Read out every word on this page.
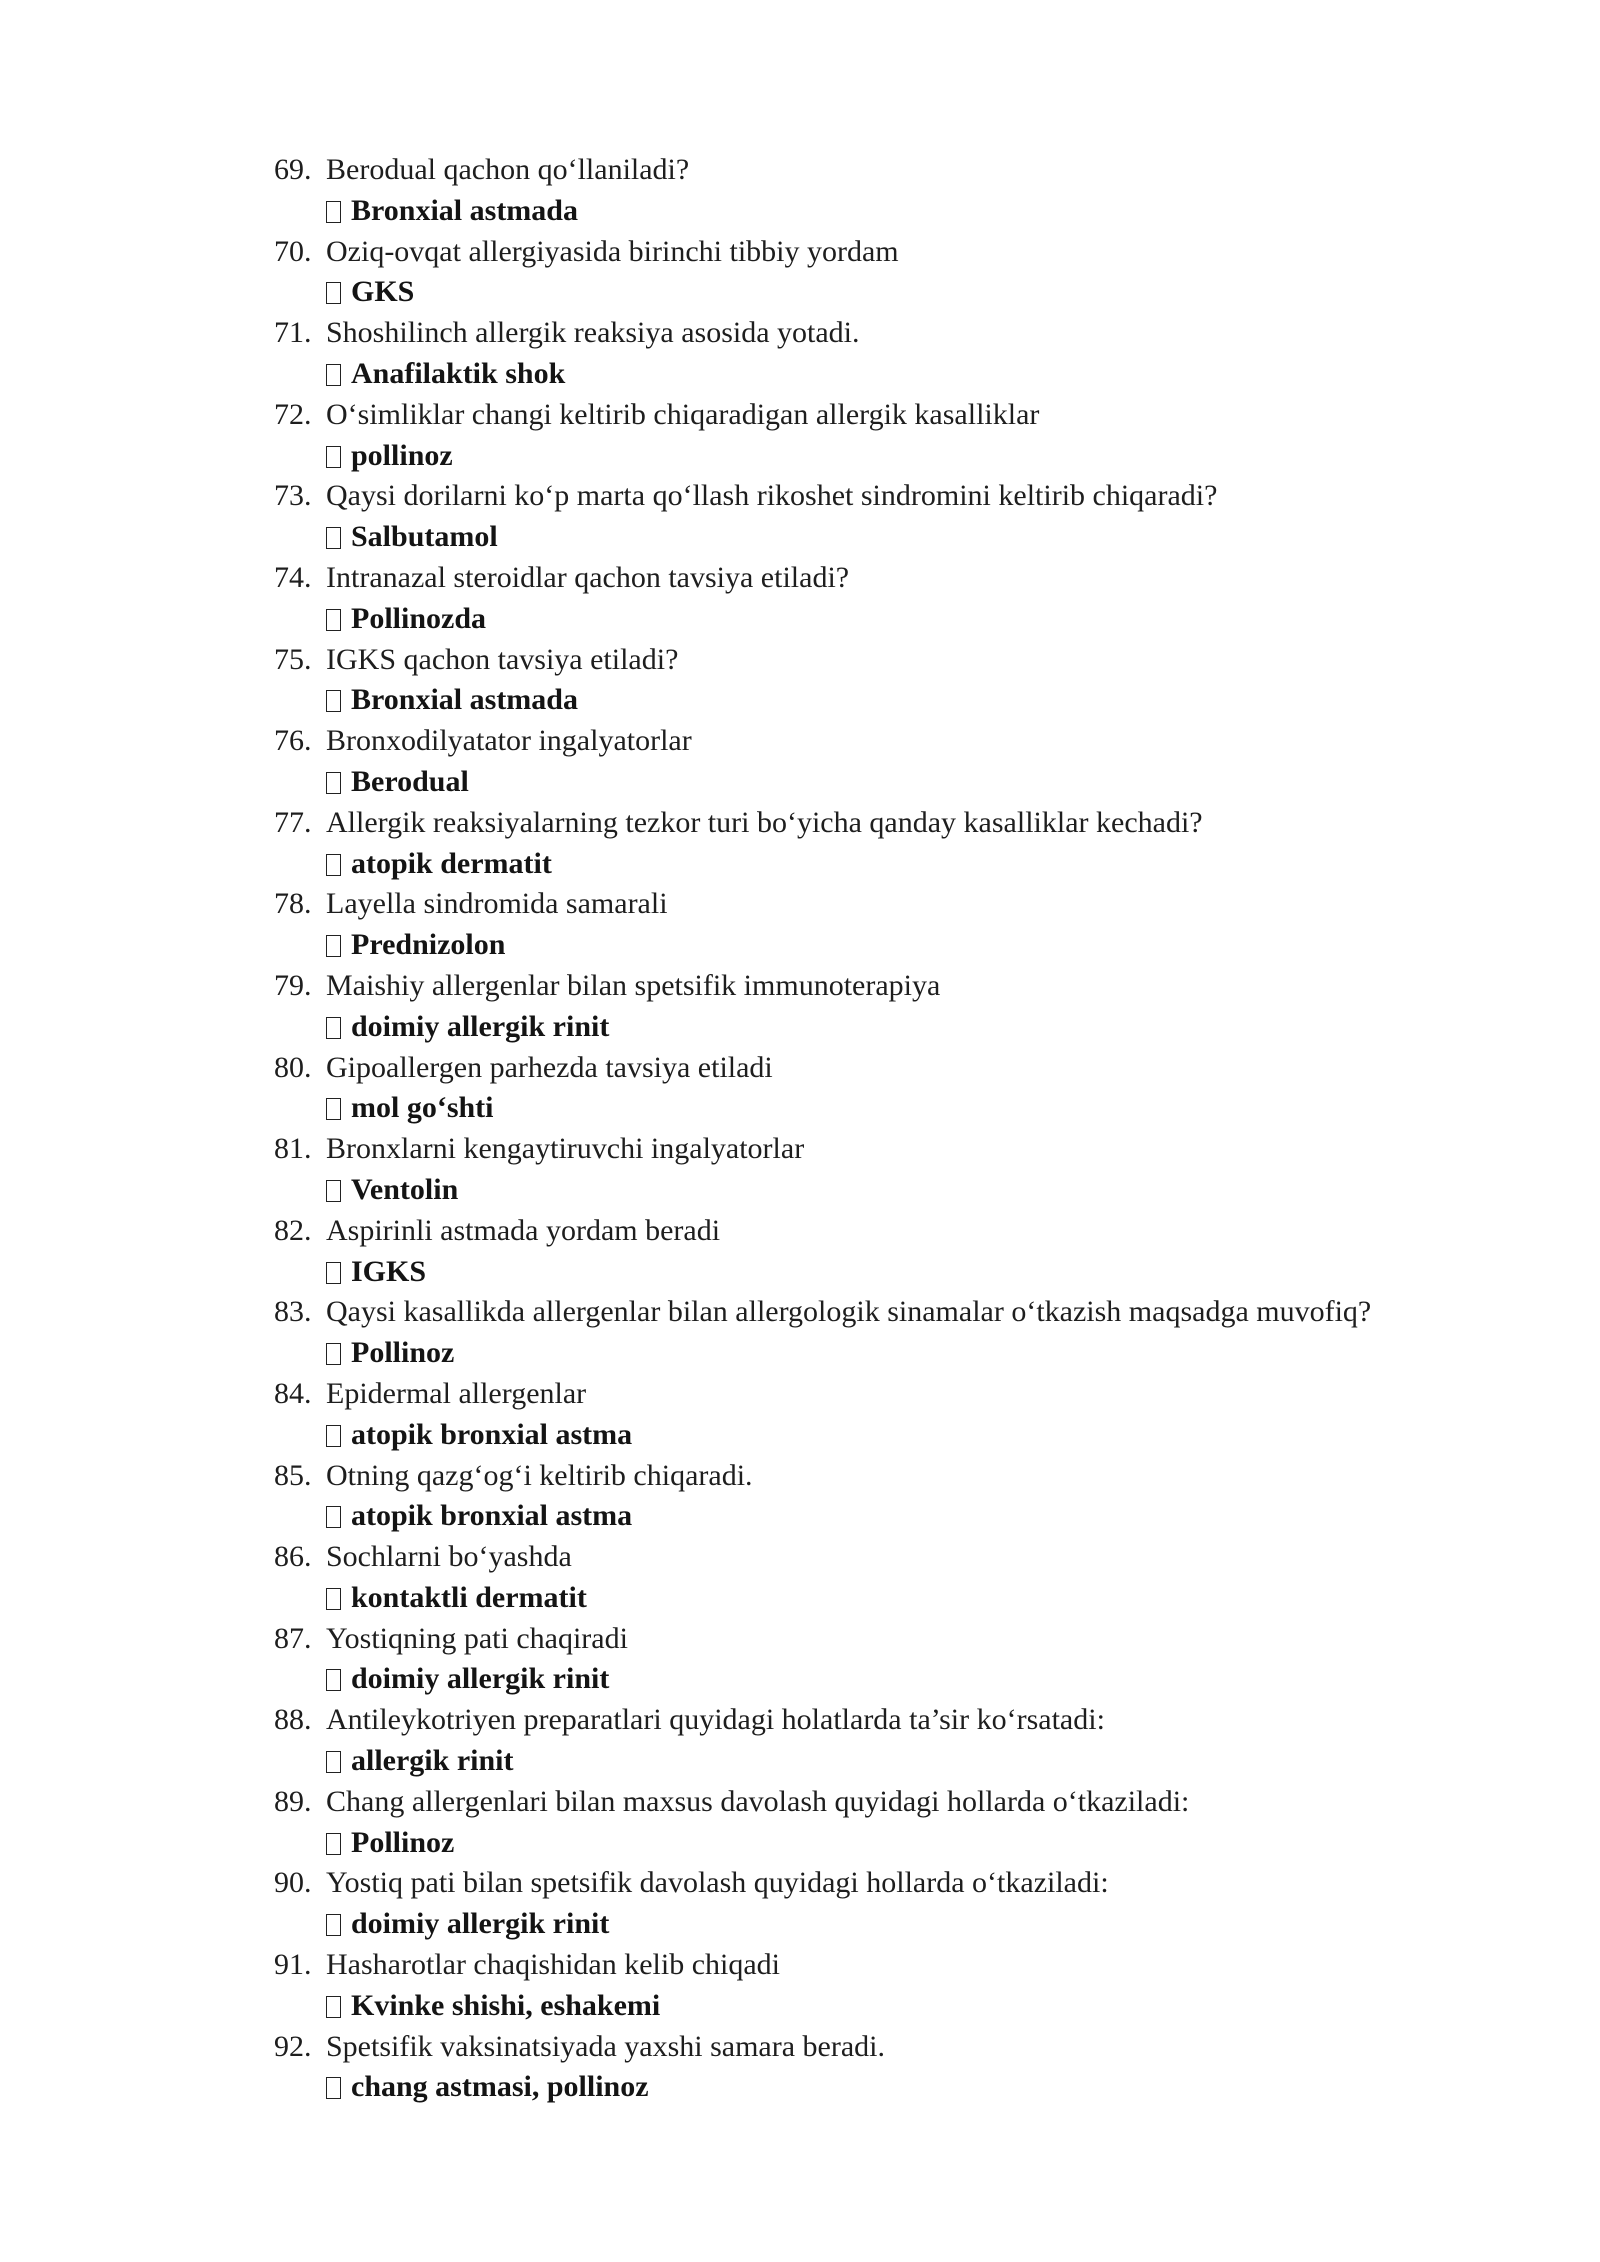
69. Berodual qachon qo‘llaniladi?
Bronxial astmada
70. Oziq-ovqat allergiyasida birinchi tibbiy yordam
GKS
71. Shoshilinch allergik reaksiya asosida yotadi.
Anafilaktik shok
72. O‘simliklar changi keltirib chiqaradigan allergik kasalliklar
pollinoz
73. Qaysi dorilarni ko‘p marta qo‘llash rikoshet sindromini keltirib chiqaradi?
Salbutamol
74. Intranazal steroidlar qachon tavsiya etiladi?
Pollinozda
75. IGKS qachon tavsiya etiladi?
Bronxial astmada
76. Bronxodilyatator ingalyatorlar
Berodual
77. Allergik reaksiyalarning tezkor turi bo‘yicha qanday kasalliklar kechadi?
atopik dermatit
78. Layella sindromida samarali
Prednizolon
79. Maishiy allergenlar bilan spetsifik immunoterapiya
doimiy allergik rinit
80. Gipoallergen parhezda tavsiya etiladi
mol go‘shti
81. Bronxlarni kengaytiruvchi ingalyatorlar
Ventolin
82. Aspirinli astmada yordam beradi
IGKS
83. Qaysi kasallikda allergenlar bilan allergologik sinamalar o‘tkazish maqsadga muvofiq?
Pollinoz
84. Epidermal allergenlar
atopik bronxial astma
85. Otning qazg‘og‘i keltirib chiqaradi.
atopik bronxial astma
86. Sochlarni bo‘yashda
kontaktli dermatit
87. Yostiqning pati chaqiradi
doimiy allergik rinit
88. Antileykotriyen preparatlari quyidagi holatlarda ta’sir ko‘rsatadi:
allergik rinit
89. Chang allergenlari bilan maxsus davolash quyidagi hollarda o‘tkaziladi:
Pollinoz
90. Yostiq pati bilan spetsifik davolash quyidagi hollarda o‘tkaziladi:
doimiy allergik rinit
91. Hasharotlar chaqishidan kelib chiqadi
Kvinke shishi, eshakemi
92. Spetsifik vaksinatsiyada yaxshi samara beradi.
chang astmasi, pollinoz
